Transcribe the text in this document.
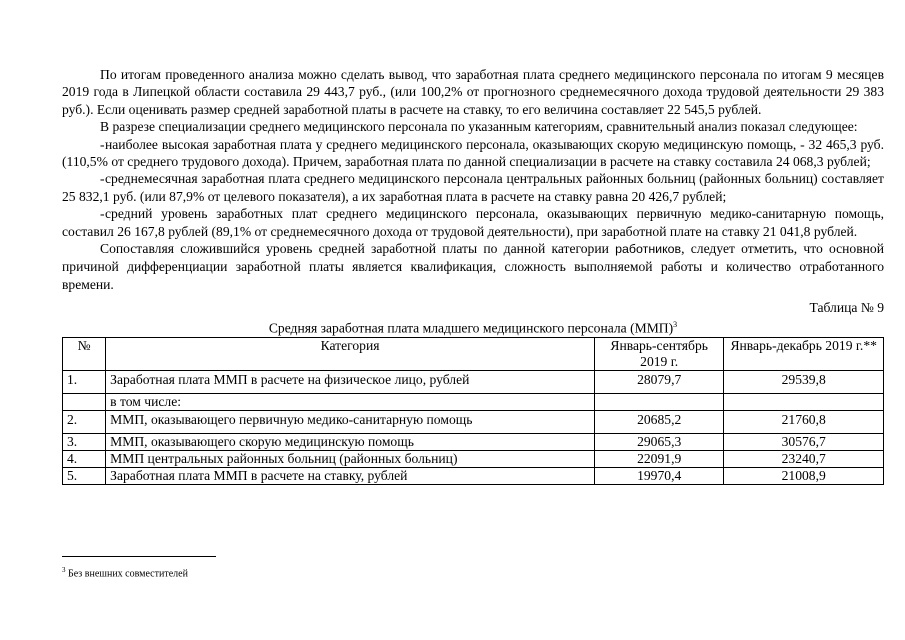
По итогам проведенного анализа можно сделать вывод, что заработная плата среднего медицинского персонала по итогам 9 месяцев 2019 года в Липецкой области составила 29 443,7 руб., (или 100,2% от прогнозного среднемесячного дохода трудовой деятельности 29 383 руб.). Если оценивать размер средней заработной платы в расчете на ставку, то его величина составляет 22 545,5 рублей.

В разрезе специализации среднего медицинского персонала по указанным категориям, сравнительный анализ показал следующее:

-наиболее высокая заработная плата у среднего медицинского персонала, оказывающих скорую медицинскую помощь, - 32 465,3 руб. (110,5% от среднего трудового дохода). Причем, заработная плата по данной специализации в расчете на ставку составила 24 068,3 рублей;

-среднемесячная заработная плата среднего медицинского персонала центральных районных больниц (районных больниц) составляет 25 832,1 руб. (или 87,9% от целевого показателя), а их заработная плата в расчете на ставку равна 20 426,7 рублей;

-средний уровень заработных плат среднего медицинского персонала, оказывающих первичную медико-санитарную помощь, составил 26 167,8 рублей (89,1% от среднемесячного дохода от трудовой деятельности), при заработной плате на ставку 21 041,8 рублей.

Сопоставляя сложившийся уровень средней заработной платы по данной категории работников, следует отметить, что основной причиной дифференциации заработной платы является квалификация, сложность выполняемой работы и количество отработанного времени.

Таблица № 9
Средняя заработная плата младшего медицинского персонала (ММП)$^3$
№	Категория	Январь-сентябрь 2019 г.	Январь-декабрь 2019 г.**
1.	Заработная плата ММП в расчете на физическое лицо, рублей	28079,7	29539,8
	в том числе:		
2.	ММП, оказывающего первичную медико-санитарную помощь	20685,2	21760,8
3.	ММП, оказывающего скорую медицинскую помощь	29065,3	30576,7
4.	ММП центральных районных больниц (районных больниц)	22091,9	23240,7
5.	Заработная плата ММП в расчете на ставку, рублей	19970,4	21008,9
$^3$ Без внешних совместителей
